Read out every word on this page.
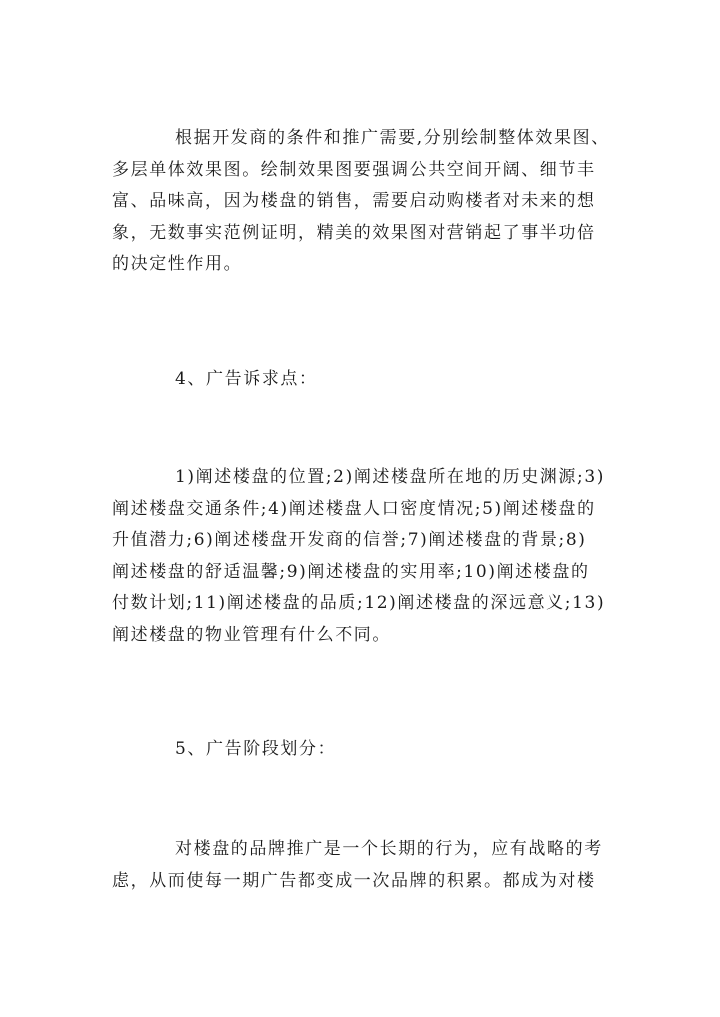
根据开发商的条件和推广需要,分别绘制整体效果图、
多层单体效果图。绘制效果图要强调公共空间开阔、细节丰
富、品味高，因为楼盘的销售，需要启动购楼者对未来的想
象，无数事实范例证明，精美的效果图对营销起了事半功倍
的决定性作用。

4、广告诉求点：

1)阐述楼盘的位置;2)阐述楼盘所在地的历史渊源;3)
阐述楼盘交通条件;4)阐述楼盘人口密度情况;5)阐述楼盘的
升值潜力;6)阐述楼盘开发商的信誉;7)阐述楼盘的背景;8)
阐述楼盘的舒适温馨;9)阐述楼盘的实用率;10)阐述楼盘的
付数计划;11)阐述楼盘的品质;12)阐述楼盘的深远意义;13)
阐述楼盘的物业管理有什么不同。

5、广告阶段划分：

对楼盘的品牌推广是一个长期的行为，应有战略的考
虑，从而使每一期广告都变成一次品牌的积累。都成为对楼
